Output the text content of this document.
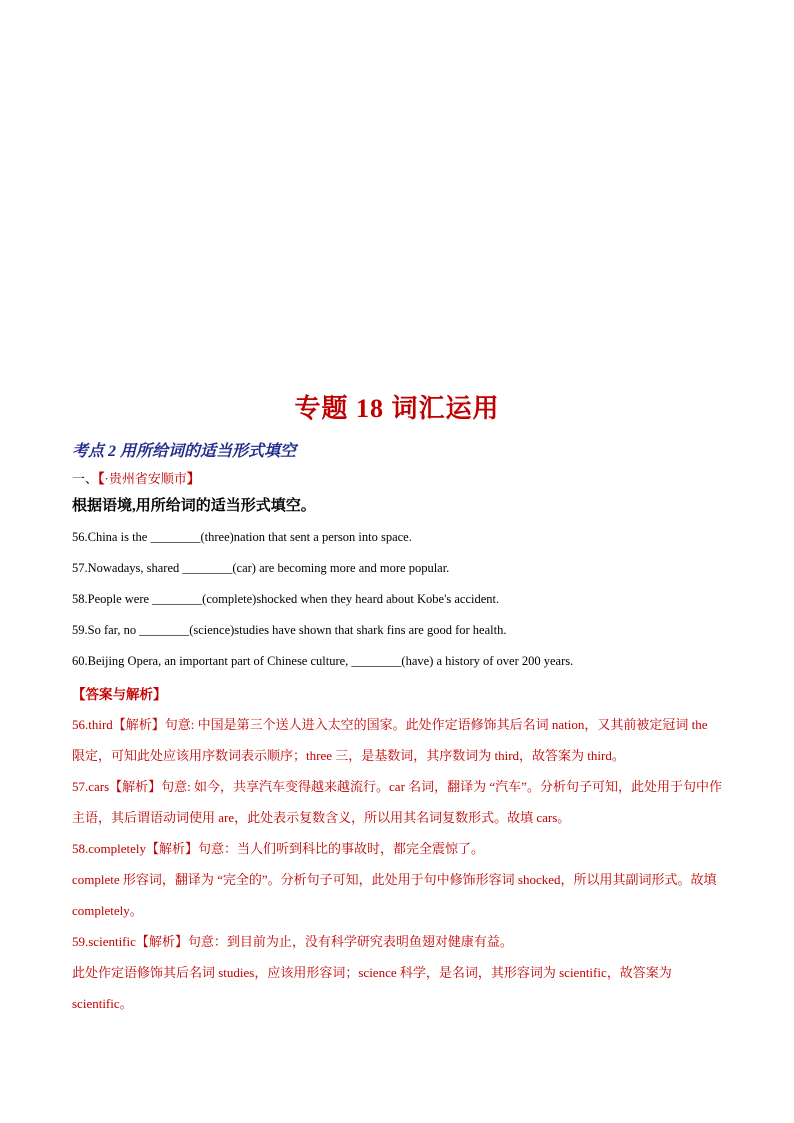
专题 18 词汇运用
考点 2 用所给词的适当形式填空
一、【·贵州省安顺市】
根据语境,用所给词的适当形式填空。
56.China is the ________(three)nation that sent a person into space.
57.Nowadays, shared ________(car) are becoming more and more popular.
58.People were ________(complete)shocked when they heard about Kobe's accident.
59.So far, no ________(science)studies have shown that shark fins are good for health.
60.Beijing Opera, an important part of Chinese culture, ________(have) a history of over 200 years.
【答案与解析】
56.third【解析】句意: 中国是第三个送人进入太空的国家。此处作定语修饰其后名词 nation，又其前被定冠词 the 限定，可知此处应该用序数词表示顺序；three 三，是基数词，其序数词为 third，故答案为 third。
57.cars【解析】句意: 如今，共享汽车变得越来越流行。car 名词，翻译为 “汽车”。分析句子可知，此处用于句中作主语，其后谓语动词使用 are，此处表示复数含义，所以用其名词复数形式。故填 cars。
58.completely【解析】句意：当人们听到科比的事故时，都完全震惊了。
complete 形容词，翻译为 “完全的”。分析句子可知，此处用于句中修饰形容词 shocked，所以用其副词形式。故填 completely。
59.scientific【解析】句意：到目前为止，没有科学研究表明鱼翅对健康有益。
此处作定语修饰其后名词 studies，应该用形容词；science 科学，是名词，其形容词为 scientific，故答案为 scientific。
